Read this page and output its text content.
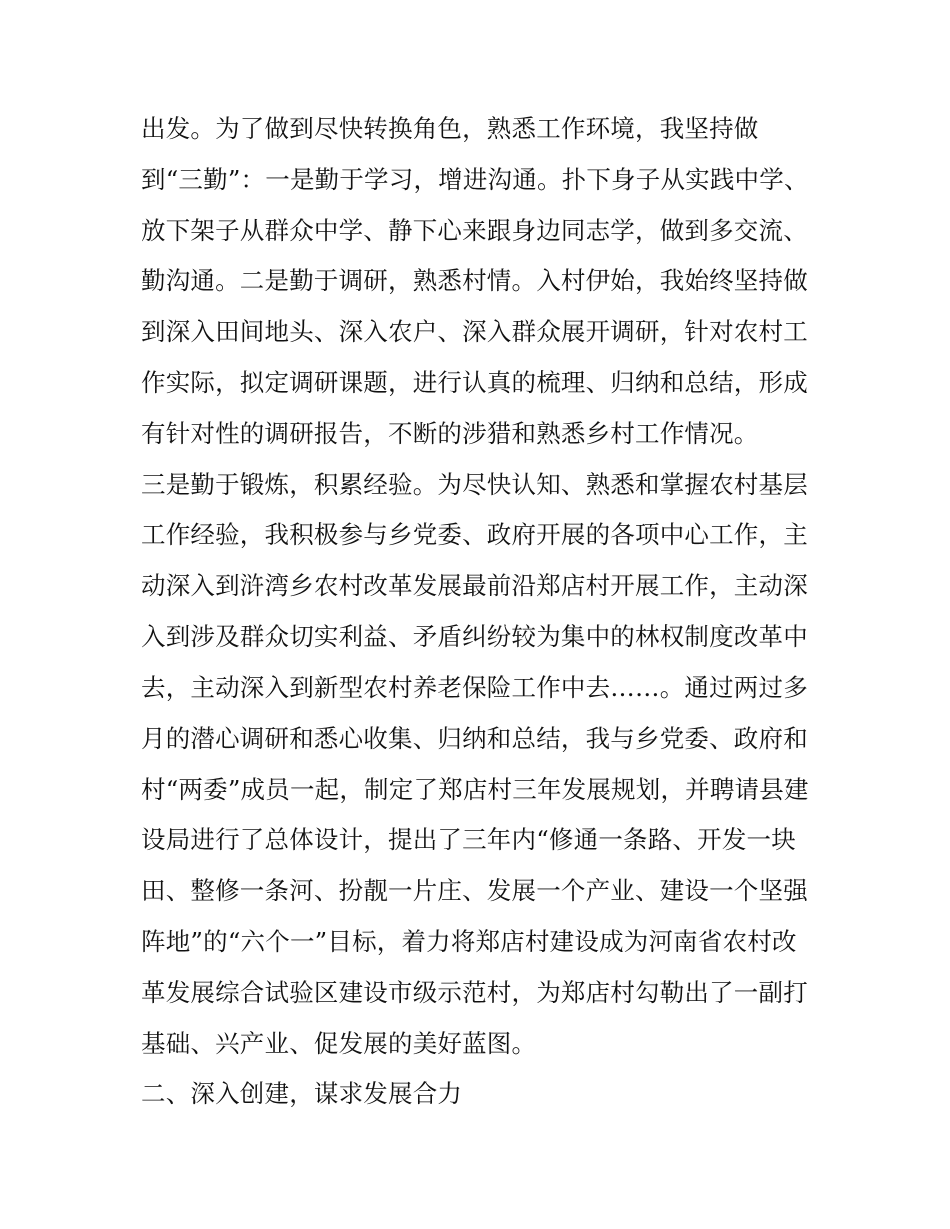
出发。为了做到尽快转换角色，熟悉工作环境，我坚持做
到“三勤”：一是勤于学习，增进沟通。扑下身子从实践中学、
放下架子从群众中学、静下心来跟身边同志学，做到多交流、
勤沟通。二是勤于调研，熟悉村情。入村伊始，我始终坚持做
到深入田间地头、深入农户、深入群众展开调研，针对农村工
作实际，拟定调研课题，进行认真的梳理、归纳和总结，形成
有针对性的调研报告，不断的涉猎和熟悉乡村工作情况。
三是勤于锻炼，积累经验。为尽快认知、熟悉和掌握农村基层
工作经验，我积极参与乡党委、政府开展的各项中心工作，主
动深入到浒湾乡农村改革发展最前沿郑店村开展工作，主动深
入到涉及群众切实利益、矛盾纠纷较为集中的林权制度改革中
去，主动深入到新型农村养老保险工作中去……。通过两过多
月的潜心调研和悉心收集、归纳和总结，我与乡党委、政府和
村“两委”成员一起，制定了郑店村三年发展规划，并聘请县建
设局进行了总体设计，提出了三年内“修通一条路、开发一块
田、整修一条河、扮靓一片庄、发展一个产业、建设一个坚强
阵地”的“六个一”目标，着力将郑店村建设成为河南省农村改
革发展综合试验区建设市级示范村，为郑店村勾勒出了一副打
基础、兴产业、促发展的美好蓝图。
二、深入创建，谋求发展合力
